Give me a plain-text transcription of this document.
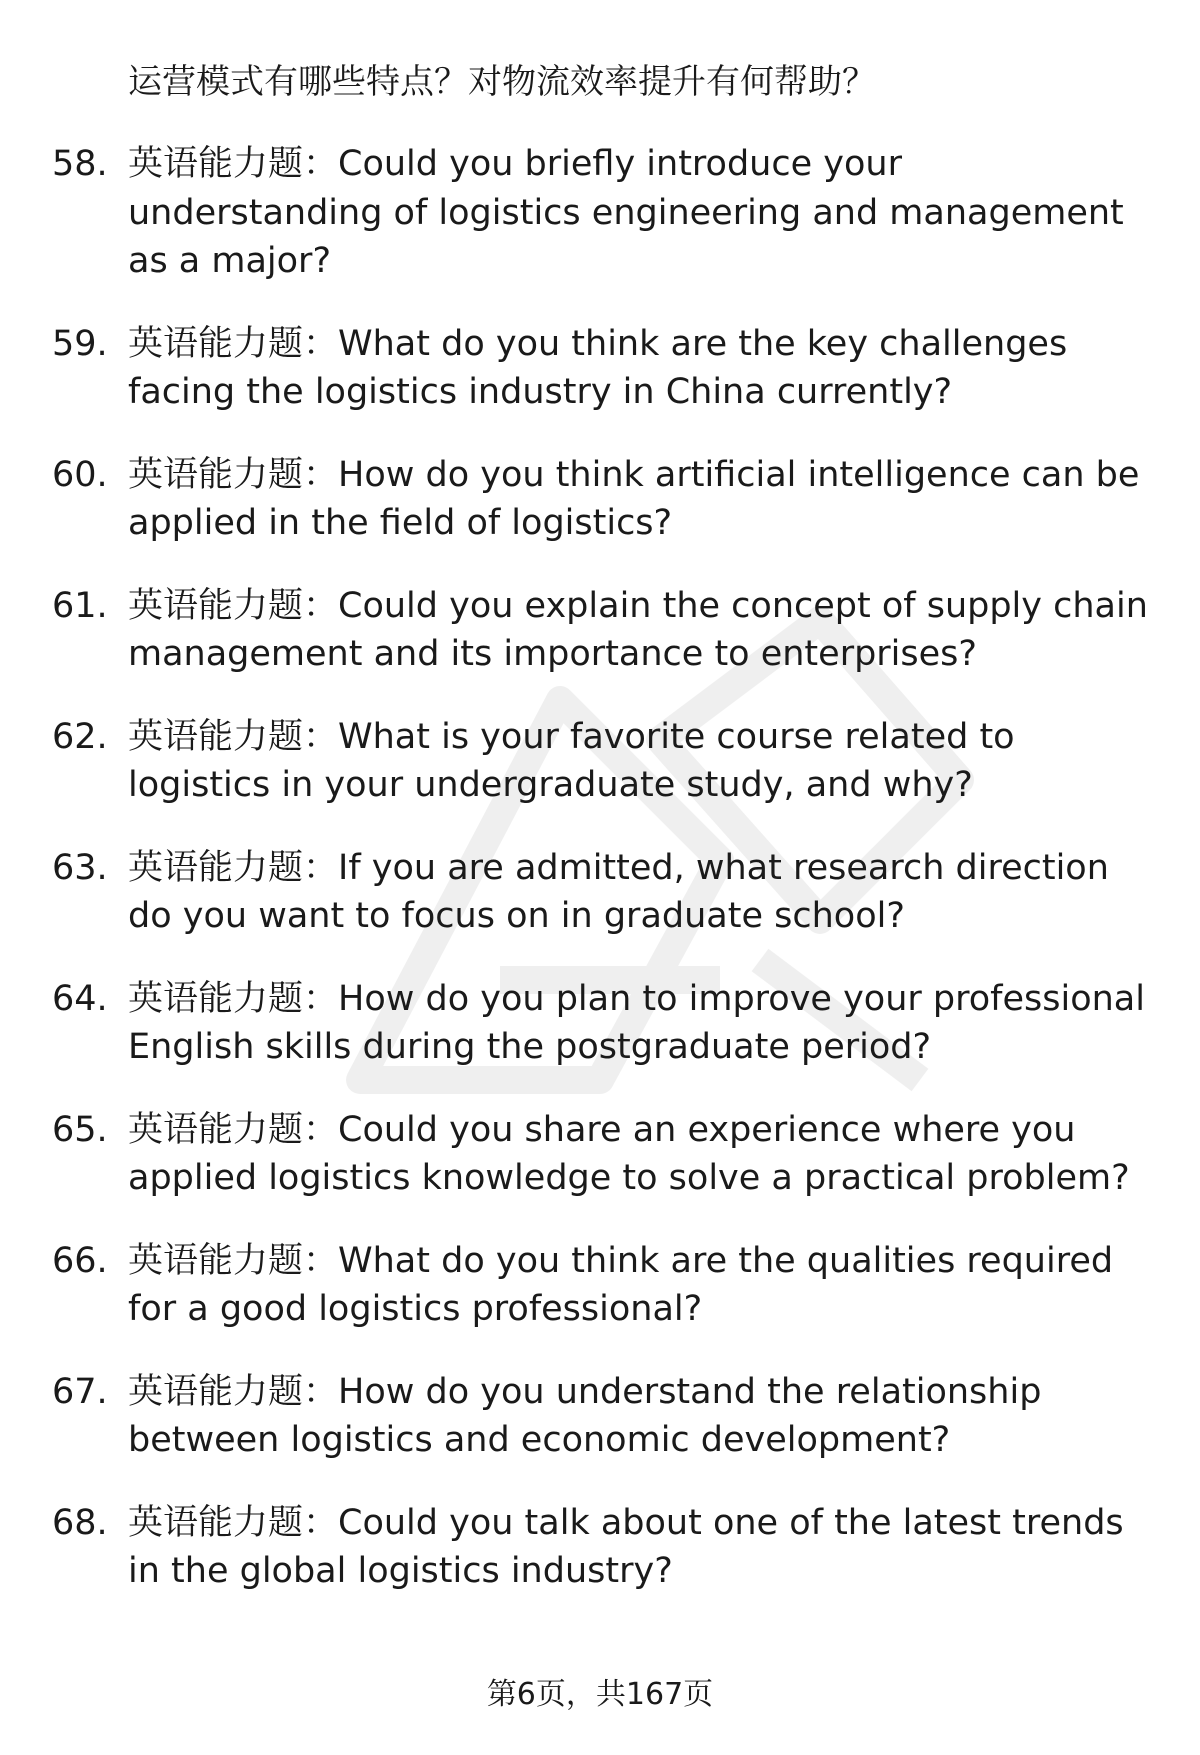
运营模式有哪些特点？对物流效率提升有何帮助？
58. 英语能力题：Could you briefly introduce your understanding of logistics engineering and management as a major?
59. 英语能力题：What do you think are the key challenges facing the logistics industry in China currently?
60. 英语能力题：How do you think artificial intelligence can be applied in the field of logistics?
61. 英语能力题：Could you explain the concept of supply chain management and its importance to enterprises?
62. 英语能力题：What is your favorite course related to logistics in your undergraduate study, and why?
63. 英语能力题：If you are admitted, what research direction do you want to focus on in graduate school?
64. 英语能力题：How do you plan to improve your professional English skills during the postgraduate period?
65. 英语能力题：Could you share an experience where you applied logistics knowledge to solve a practical problem?
66. 英语能力题：What do you think are the qualities required for a good logistics professional?
67. 英语能力题：How do you understand the relationship between logistics and economic development?
68. 英语能力题：Could you talk about one of the latest trends in the global logistics industry?
第6页，共167页
